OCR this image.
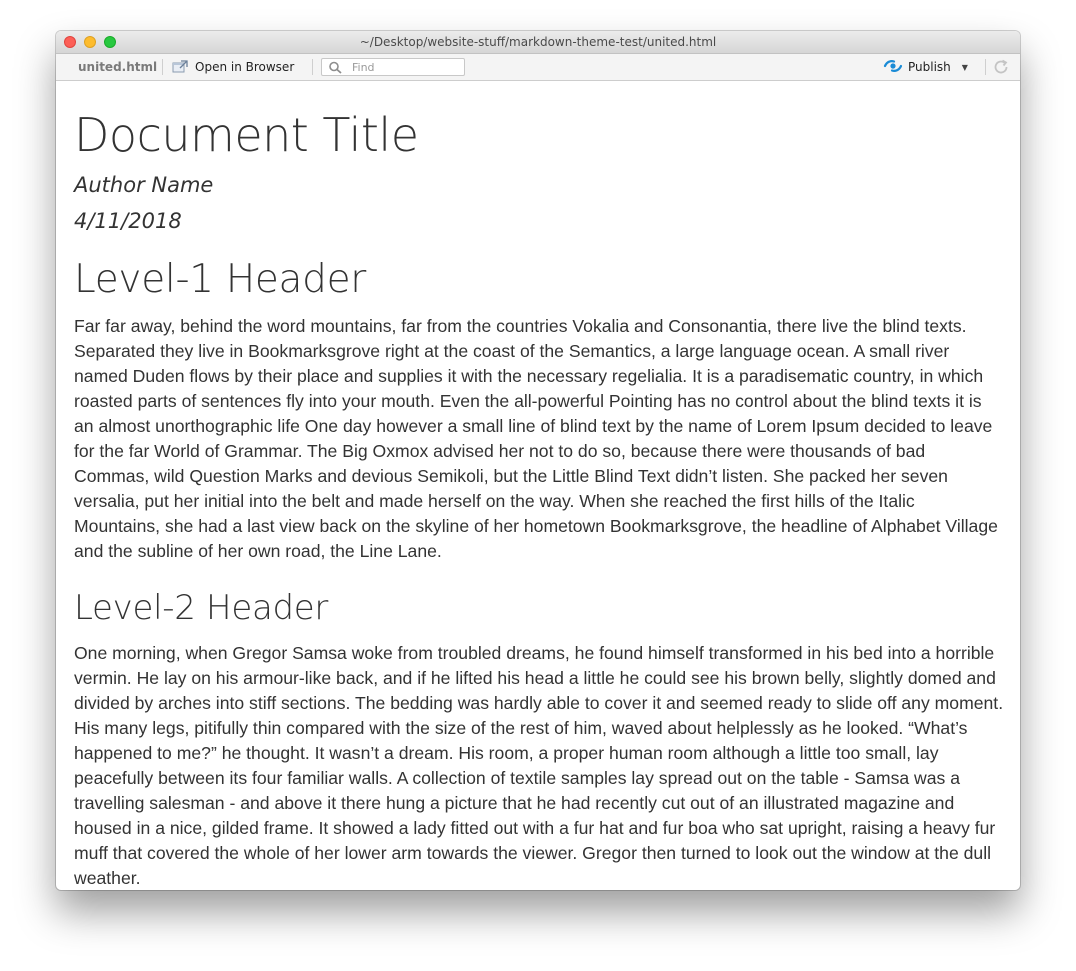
~/Desktop/website-stuff/markdown-theme-test/united.html
united.html	Open in Browser
Find	Publish ▼
Document Title

Author Name

4/11/2018

Level-1 Header

Far far away, behind the word mountains, far from the countries Vokalia and Consonantia, there live the blind texts. Separated they live in Bookmarksgrove right at the coast of the Semantics, a large language ocean. A small river named Duden flows by their place and supplies it with the necessary regelialia. It is a paradisematic country, in which roasted parts of sentences fly into your mouth. Even the all-powerful Pointing has no control about the blind texts it is an almost unorthographic life One day however a small line of blind text by the name of Lorem Ipsum decided to leave for the far World of Grammar. The Big Oxmox advised her not to do so, because there were thousands of bad Commas, wild Question Marks and devious Semikoli, but the Little Blind Text didn’t listen. She packed her seven versalia, put her initial into the belt and made herself on the way. When she reached the first hills of the Italic Mountains, she had a last view back on the skyline of her hometown Bookmarksgrove, the headline of Alphabet Village and the subline of her own road, the Line Lane.

Level-2 Header

One morning, when Gregor Samsa woke from troubled dreams, he found himself transformed in his bed into a horrible vermin. He lay on his armour-like back, and if he lifted his head a little he could see his brown belly, slightly domed and divided by arches into stiff sections. The bedding was hardly able to cover it and seemed ready to slide off any moment. His many legs, pitifully thin compared with the size of the rest of him, waved about helplessly as he looked. “What’s happened to me?” he thought. It wasn’t a dream. His room, a proper human room although a little too small, lay peacefully between its four familiar walls. A collection of textile samples lay spread out on the table - Samsa was a travelling salesman - and above it there hung a picture that he had recently cut out of an illustrated magazine and housed in a nice, gilded frame. It showed a lady fitted out with a fur hat and fur boa who sat upright, raising a heavy fur muff that covered the whole of her lower arm towards the viewer. Gregor then turned to look out the window at the dull weather.
